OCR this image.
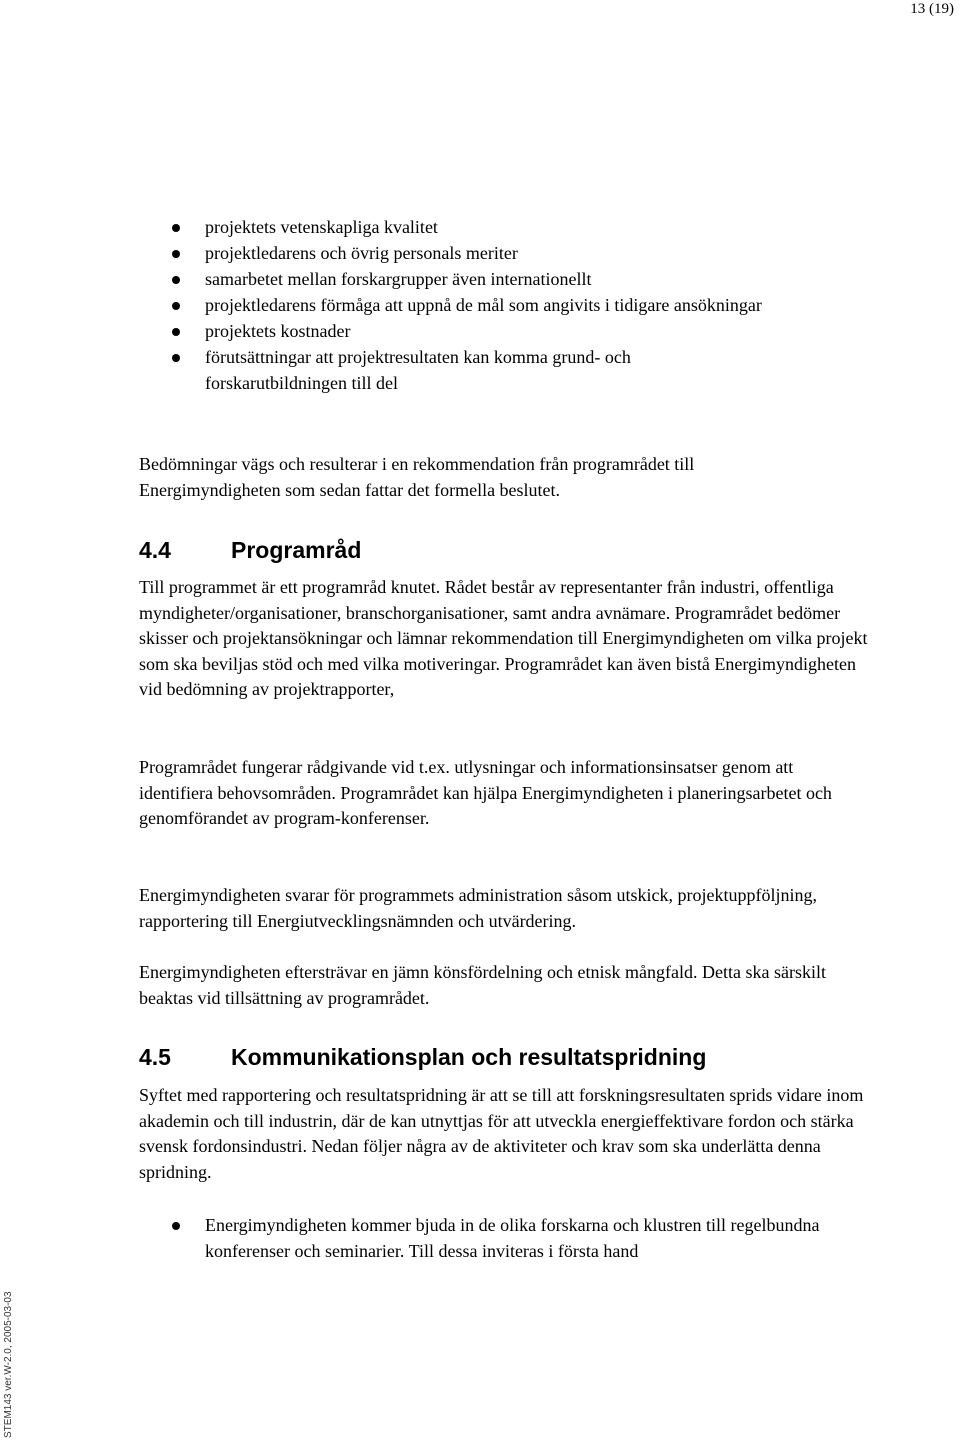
13 (19)
STEM143 ver.W-2.0, 2005-03-03
projektets vetenskapliga kvalitet
projektledarens och övrig personals meriter
samarbetet mellan forskargrupper även internationellt
projektledarens förmåga att uppnå de mål som angivits i tidigare ansökningar
projektets kostnader
förutsättningar att projektresultaten kan komma grund- och forskarutbildningen till del

Bedömningar vägs och resulterar i en rekommendation från programrådet till Energimyndigheten som sedan fattar det formella beslutet.

4.4	Programråd

Till programmet är ett programråd knutet. Rådet består av representanter från industri, offentliga myndigheter/organisationer, branschorganisationer, samt andra avnämare. Programrådet bedömer skisser och projektansökningar och lämnar rekommendation till Energimyndigheten om vilka projekt som ska beviljas stöd och med vilka motiveringar. Programrådet kan även bistå Energimyndigheten vid bedömning av projektrapporter,

Programrådet fungerar rådgivande vid t.ex. utlysningar och informationsinsatser genom att identifiera behovsområden. Programrådet kan hjälpa Energimyndigheten i planeringsarbetet och genomförandet av program-konferenser.

Energimyndigheten svarar för programmets administration såsom utskick, projektuppföljning, rapportering till Energiutvecklingsnämnden och utvärdering.

Energimyndigheten eftersträvar en jämn könsfördelning och etnisk mångfald. Detta ska särskilt beaktas vid tillsättning av programrådet.

4.5	Kommunikationsplan och resultatspridning

Syftet med rapportering och resultatspridning är att se till att forskningsresultaten sprids vidare inom akademin och till industrin, där de kan utnyttjas för att utveckla energieffektivare fordon och stärka svensk fordonsindustri. Nedan följer några av de aktiviteter och krav som ska underlätta denna spridning.

Energimyndigheten kommer bjuda in de olika forskarna och klustren till regelbundna konferenser och seminarier. Till dessa inviteras i första hand
